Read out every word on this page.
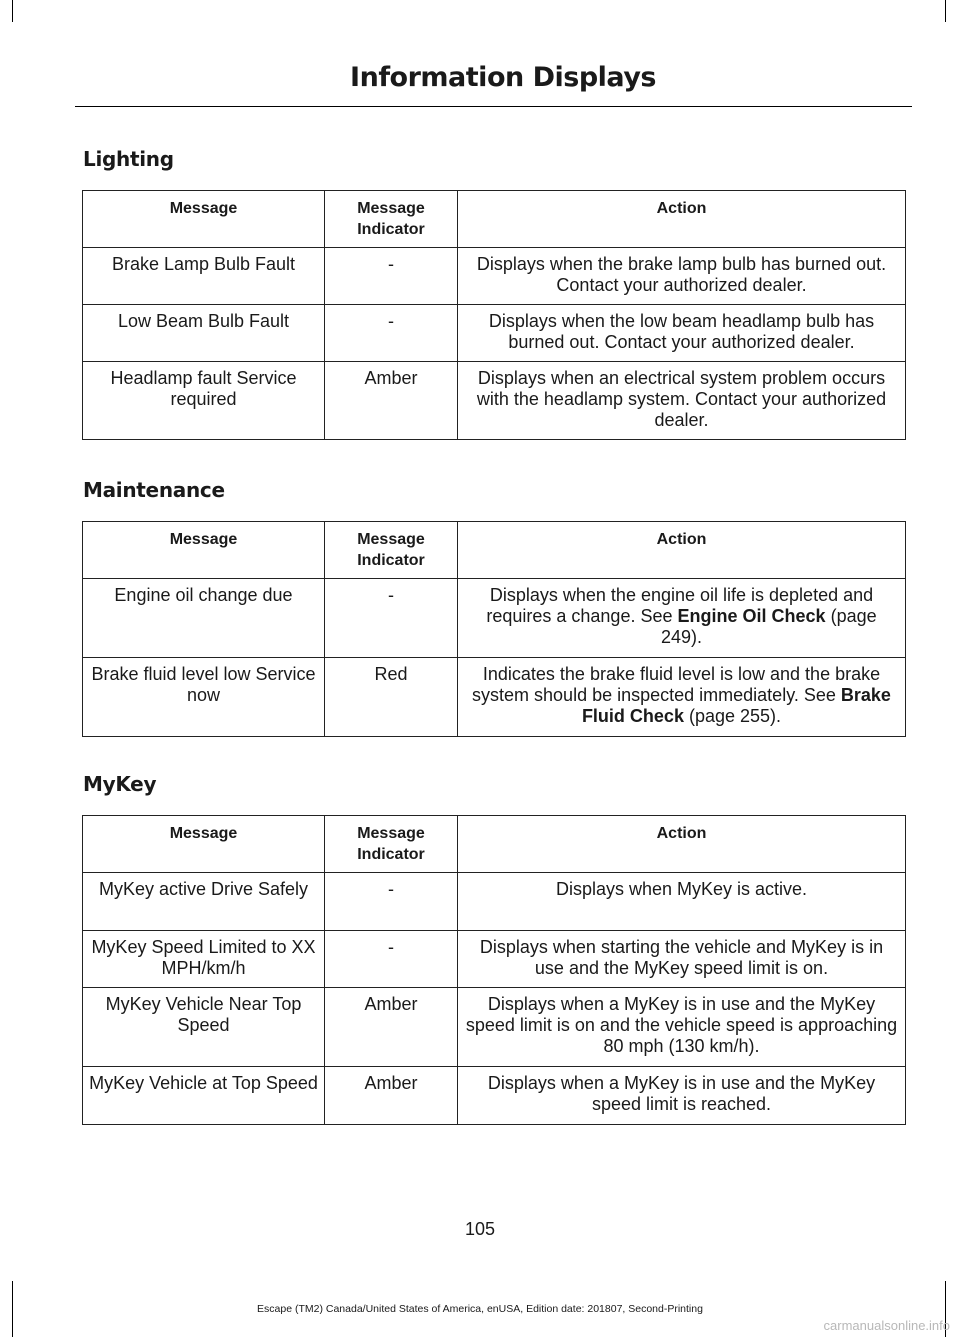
Information Displays
Lighting
Message	Message Indicator	Action
Brake Lamp Bulb Fault	-	Displays when the brake lamp bulb has burned out. Contact your authorized dealer.
Low Beam Bulb Fault	-	Displays when the low beam headlamp bulb has burned out. Contact your authorized dealer.
Headlamp fault Service required	Amber	Displays when an electrical system problem occurs with the headlamp system. Contact your authorized dealer.
Maintenance
Message	Message Indicator	Action
Engine oil change due	-	Displays when the engine oil life is depleted and requires a change. See Engine Oil Check (page 249).
Brake fluid level low Service now	Red	Indicates the brake fluid level is low and the brake system should be inspected immediately. See Brake Fluid Check (page 255).
MyKey
Message	Message Indicator	Action
MyKey active Drive Safely	-	Displays when MyKey is active.
MyKey Speed Limited to XX MPH/km/h	-	Displays when starting the vehicle and MyKey is in use and the MyKey speed limit is on.
MyKey Vehicle Near Top Speed	Amber	Displays when a MyKey is in use and the MyKey speed limit is on and the vehicle speed is approaching 80 mph (130 km/h).
MyKey Vehicle at Top Speed	Amber	Displays when a MyKey is in use and the MyKey speed limit is reached.
105
Escape (TM2) Canada/United States of America, enUSA, Edition date: 201807, Second-Printing
carmanualsonline.info
